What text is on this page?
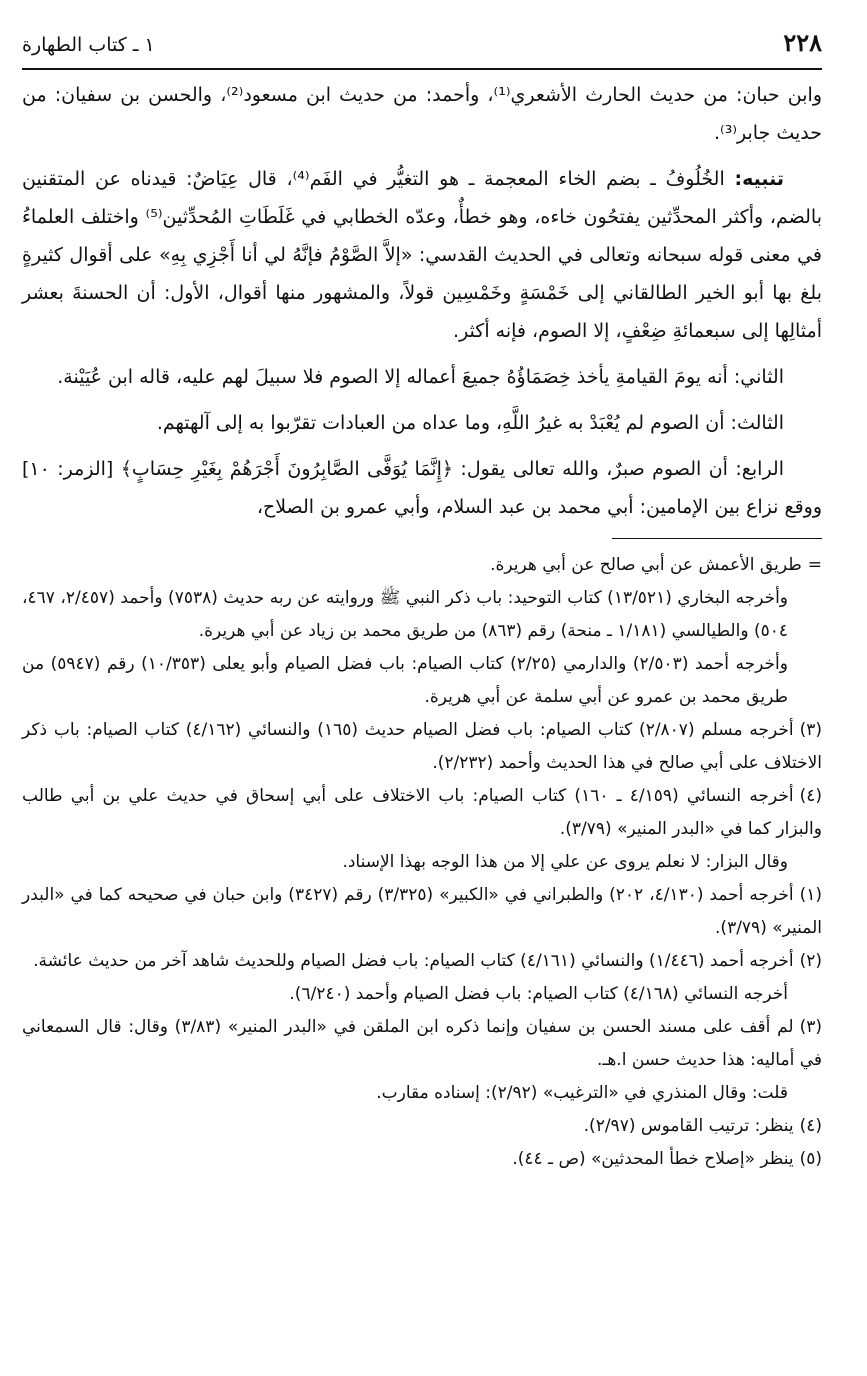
٢٢٨
١ ـ كتاب الطهارة

وابن حبان: من حديث الحارث الأشعري⁽¹⁾، وأحمد: من حديث ابن مسعود⁽²⁾، والحسن بن سفيان: من حديث جابر⁽³⁾.

تنبيه: الخُلُوفُ ـ بضم الخاء المعجمة ـ هو التغيُّر في الفَم⁽⁴⁾، قال عِيَاضٌ: قيدناه عن المتقنين بالضم، وأكثر المحدِّثين يفتحُون خاءه، وهو خطأٌ، وعدّه الخطابي في غَلَطَاتِ المُحدِّثين⁽⁵⁾ واختلف العلماءُ في معنى قوله سبحانه وتعالى في الحديث القدسي: «إلاَّ الصَّوْمُ فإنَّهُ لي أنا أَجْزِي بِهِ» على أقوال كثيرةٍ بلغ بها أبو الخير الطالقاني إلى خَمْسَةٍ وخَمْسِين قولاً، والمشهور منها أقوال، الأول: أن الحسنةَ بعشر أمثالِها إلى سبعمائةِ ضِعْفٍ، إلا الصوم، فإنه أكثر.

الثاني: أنه يومَ القيامةِ يأخذ خِصَمَاؤُهُ جميعَ أعماله إلا الصوم فلا سبيلَ لهم عليه، قاله ابن عُيَيْنة.

الثالث: أن الصوم لم يُعْبَدْ به غيرُ اللَّهِ، وما عداه من العبادات تقرّبوا به إلى آلهتهم.

الرابع: أن الصوم صبرٌ، والله تعالى يقول: ﴿إِنَّمَا يُوَفَّى الصَّابِرُونَ أَجْرَهُمْ بِغَيْرِ حِسَابٍ﴾ [الزمر: ١٠] ووقع نزاع بين الإمامين: أبي محمد بن عبد السلام، وأبي عمرو بن الصلاح،

=طريق الأعمش عن أبي صالح عن أبي هريرة.

وأخرجه البخاري (١٣/٥٢١) كتاب التوحيد: باب ذكر النبي ﷺ وروايته عن ربه حديث (٧٥٣٨) وأحمد (٢/٤٥٧، ٤٦٧، ٥٠٤) والطيالسي (١/١٨١ ـ منحة) رقم (٨٦٣) من طريق محمد بن زياد عن أبي هريرة.

وأخرجه أحمد (٢/٥٠٣) والدارمي (٢/٢٥) كتاب الصيام: باب فضل الصيام وأبو يعلى (١٠/٣٥٣) رقم (٥٩٤٧) من طريق محمد بن عمرو عن أبي سلمة عن أبي هريرة.

(٣)أخرجه مسلم (٢/٨٠٧) كتاب الصيام: باب فضل الصيام حديث (١٦٥) والنسائي (٤/١٦٢) كتاب الصيام: باب ذكر الاختلاف على أبي صالح في هذا الحديث وأحمد (٢/٢٣٢).

(٤)أخرجه النسائي (٤/١٥٩ ـ ١٦٠) كتاب الصيام: باب الاختلاف على أبي إسحاق في حديث علي بن أبي طالب والبزار كما في «البدر المنير» (٣/٧٩).

وقال البزار: لا نعلم يروى عن علي إلا من هذا الوجه بهذا الإسناد.

(١)أخرجه أحمد (٤/١٣٠، ٢٠٢) والطبراني في «الكبير» (٣/٣٢٥) رقم (٣٤٢٧) وابن حبان في صحيحه كما في «البدر المنير» (٣/٧٩).

(٢)أخرجه أحمد (١/٤٤٦) والنسائي (٤/١٦١) كتاب الصيام: باب فضل الصيام وللحديث شاهد آخر من حديث عائشة.

أخرجه النسائي (٤/١٦٨) كتاب الصيام: باب فضل الصيام وأحمد (٦/٢٤٠).

(٣)لم أقف على مسند الحسن بن سفيان وإنما ذكره ابن الملقن في «البدر المنير» (٣/٨٣) وقال: قال السمعاني في أماليه: هذا حديث حسن ا.هـ.

قلت: وقال المنذري في «الترغيب» (٢/٩٢): إسناده مقارب.

(٤)ينظر: ترتيب القاموس (٢/٩٧).

(٥)ينظر «إصلاح خطأ المحدثين» (ص ـ ٤٤).
